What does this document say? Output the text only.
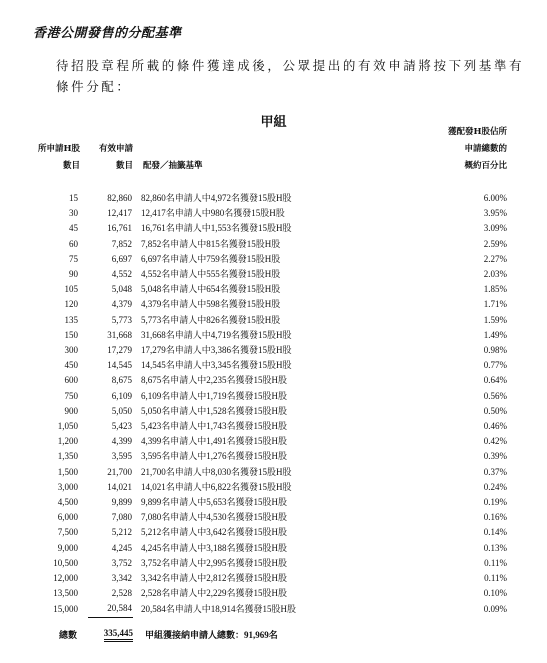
香港公開發售的分配基準
待招股章程所載的條件獲達成後，公眾提出的有效申請將按下列基準有條件分配：
甲組
所申請H股
數目
有效申請
數目 配發／抽籤基準
獲配發H股佔所
申請總數的
概約百分比
15	82,860		82,860名申請人中4,972名獲發15股H股	6.00%
30	12,417		12,417名申請人中980名獲發15股H股	3.95%
45	16,761		16,761名申請人中1,553名獲發15股H股	3.09%
60	7,852		7,852名申請人中815名獲發15股H股	2.59%
75	6,697		6,697名申請人中759名獲發15股H股	2.27%
90	4,552		4,552名申請人中555名獲發15股H股	2.03%
105	5,048		5,048名申請人中654名獲發15股H股	1.85%
120	4,379		4,379名申請人中598名獲發15股H股	1.71%
135	5,773		5,773名申請人中826名獲發15股H股	1.59%
150	31,668		31,668名申請人中4,719名獲發15股H股	1.49%
300	17,279		17,279名申請人中3,386名獲發15股H股	0.98%
450	14,545		14,545名申請人中3,345名獲發15股H股	0.77%
600	8,675		8,675名申請人中2,235名獲發15股H股	0.64%
750	6,109		6,109名申請人中1,719名獲發15股H股	0.56%
900	5,050		5,050名申請人中1,528名獲發15股H股	0.50%
1,050	5,423		5,423名申請人中1,743名獲發15股H股	0.46%
1,200	4,399		4,399名申請人中1,491名獲發15股H股	0.42%
1,350	3,595		3,595名申請人中1,276名獲發15股H股	0.39%
1,500	21,700		21,700名申請人中8,030名獲發15股H股	0.37%
3,000	14,021		14,021名申請人中6,822名獲發15股H股	0.24%
4,500	9,899		9,899名申請人中5,653名獲發15股H股	0.19%
6,000	7,080		7,080名申請人中4,530名獲發15股H股	0.16%
7,500	5,212		5,212名申請人中3,642名獲發15股H股	0.14%
9,000	4,245		4,245名申請人中3,188名獲發15股H股	0.13%
10,500	3,752		3,752名申請人中2,995名獲發15股H股	0.11%
12,000	3,342		3,342名申請人中2,812名獲發15股H股	0.11%
13,500	2,528		2,528名申請人中2,229名獲發15股H股	0.10%
15,000	20,584		20,584名申請人中18,914名獲發15股H股	0.09%
總數	335,445 甲組獲接納申請人總數：91,969名
